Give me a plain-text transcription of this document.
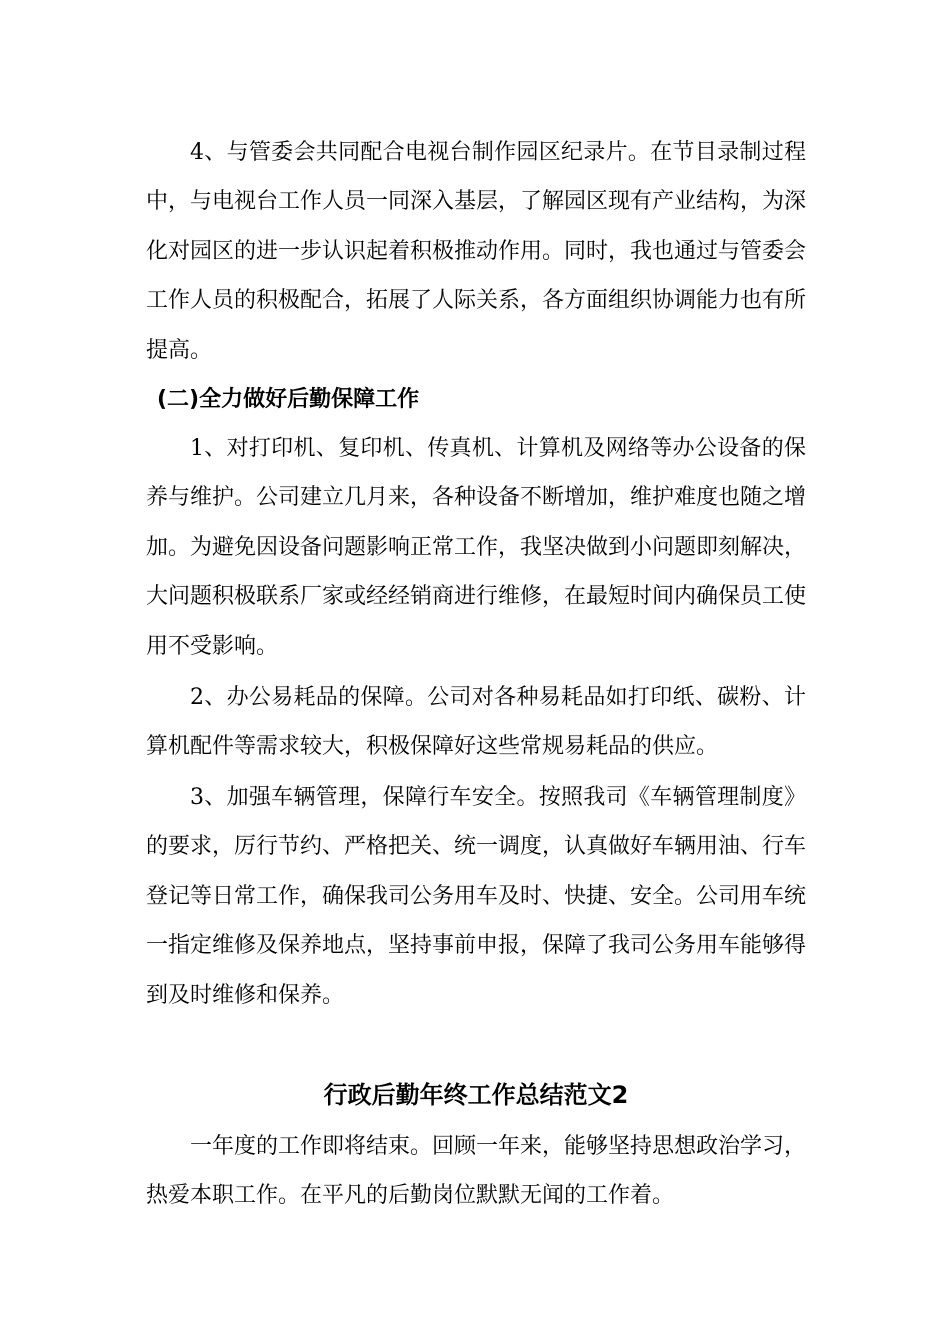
4、与管委会共同配合电视台制作园区纪录片。在节目录制过程中，与电视台工作人员一同深入基层，了解园区现有产业结构，为深化对园区的进一步认识起着积极推动作用。同时，我也通过与管委会工作人员的积极配合，拓展了人际关系，各方面组织协调能力也有所提高。

(二)全力做好后勤保障工作

1、对打印机、复印机、传真机、计算机及网络等办公设备的保养与维护。公司建立几月来，各种设备不断增加，维护难度也随之增加。为避免因设备问题影响正常工作，我坚决做到小问题即刻解决，大问题积极联系厂家或经经销商进行维修，在最短时间内确保员工使用不受影响。

2、办公易耗品的保障。公司对各种易耗品如打印纸、碳粉、计算机配件等需求较大，积极保障好这些常规易耗品的供应。

3、加强车辆管理，保障行车安全。按照我司《车辆管理制度》的要求，厉行节约、严格把关、统一调度，认真做好车辆用油、行车登记等日常工作，确保我司公务用车及时、快捷、安全。公司用车统一指定维修及保养地点，坚持事前申报，保障了我司公务用车能够得到及时维修和保养。

行政后勤年终工作总结范文2

一年度的工作即将结束。回顾一年来，能够坚持思想政治学习，热爱本职工作。在平凡的后勤岗位默默无闻的工作着。
